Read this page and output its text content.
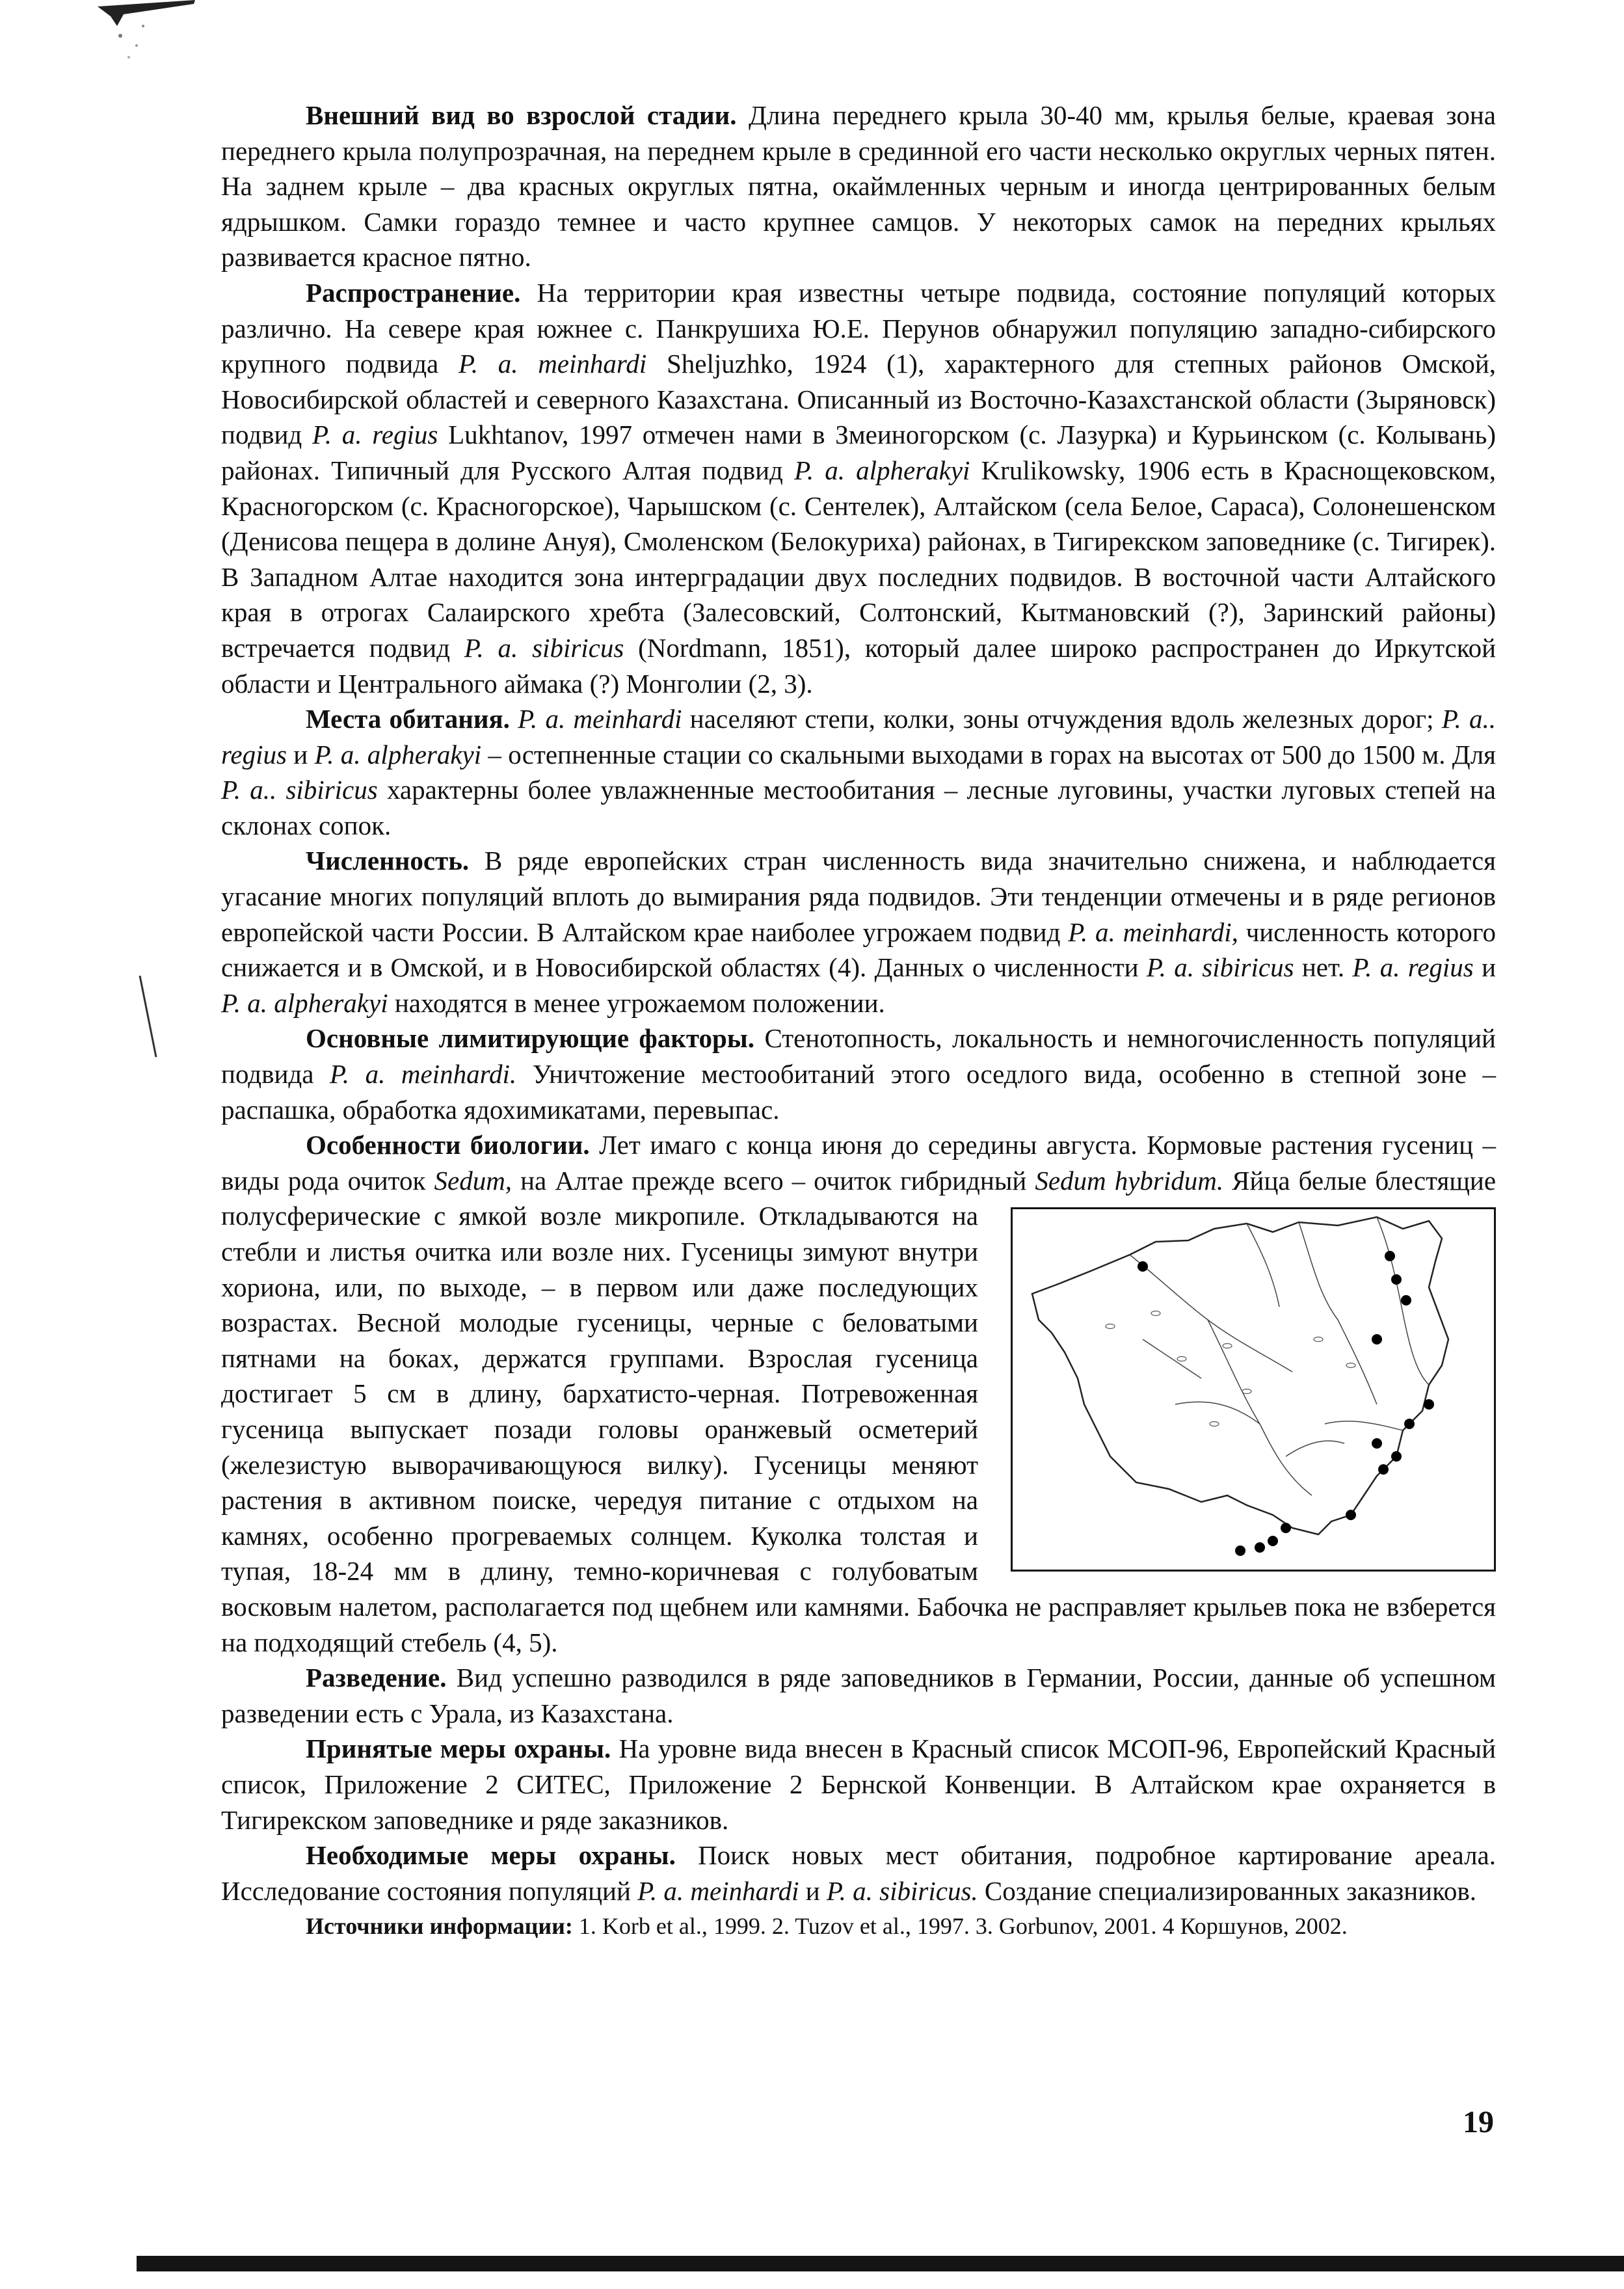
Внешний вид во взрослой стадии. Длина переднего крыла 30-40 мм, крылья белые, краевая зона переднего крыла полупрозрачная, на переднем крыле в срединной его части несколько округлых черных пятен. На заднем крыле – два красных округлых пятна, окаймленных черным и иногда центрированных белым ядрышком. Самки гораздо темнее и часто крупнее самцов. У некоторых самок на передних крыльях развивается красное пятно.

Распространение. На территории края известны четыре подвида, состояние популяций которых различно. На севере края южнее с. Панкрушиха Ю.Е. Перунов обнаружил популяцию западно-сибирского крупного подвида P. a. meinhardi Sheljuzhko, 1924 (1), характерного для степных районов Омской, Новосибирской областей и северного Казахстана. Описанный из Восточно-Казахстанской области (Зыряновск) подвид P. a. regius Lukhtanov, 1997 отмечен нами в Змеиногорском (с. Лазурка) и Курьинском (с. Колывань) районах. Типичный для Русского Алтая подвид P. a. alpherakyi Krulikowsky, 1906 есть в Краснощековском, Красногорском (с. Красногорское), Чарышском (с. Сентелек), Алтайском (села Белое, Сараса), Солонешенском (Денисова пещера в долине Ануя), Смоленском (Белокуриха) районах, в Тигирекском заповеднике (с. Тигирек). В Западном Алтае находится зона интерградации двух последних подвидов. В восточной части Алтайского края в отрогах Салаирского хребта (Залесовский, Солтонский, Кытмановский (?), Заринский районы) встречается подвид P. a. sibiricus (Nordmann, 1851), который далее широко распространен до Иркутской области и Центрального аймака (?) Монголии (2, 3).

Места обитания. P. a. meinhardi населяют степи, колки, зоны отчуждения вдоль железных дорог; P. a.. regius и P. a. alpherakyi – остепненные стации со скальными выходами в горах на высотах от 500 до 1500 м. Для P. a.. sibiricus характерны более увлажненные местообитания – лесные луговины, участки луговых степей на склонах сопок.

Численность. В ряде европейских стран численность вида значительно снижена, и наблюдается угасание многих популяций вплоть до вымирания ряда подвидов. Эти тенденции отмечены и в ряде регионов европейской части России. В Алтайском крае наиболее угрожаем подвид P. a. meinhardi, численность которого снижается и в Омской, и в Новосибирской областях (4). Данных о численности P. a. sibiricus нет. P. a. regius и P. a. alpherakyi находятся в менее угрожаемом положении.

Основные лимитирующие факторы. Стенотопность, локальность и немногочисленность популяций подвида P. a. meinhardi. Уничтожение местообитаний этого оседлого вида, особенно в степной зоне – распашка, обработка ядохимикатами, перевыпас.

Особенности биологии. Лет имаго с конца июня до середины августа. Кормовые растения гусениц – виды рода очиток Sedum, на Алтае прежде всего – очиток гибридный Sedum hybridum. Яйца белые блестящие полусферические с ямкой возле микропиле. Откладываются на стебли и листья очитка или возле них. Гусеницы зимуют внутри хориона, или, по выходе, – в первом или даже последующих возрастах. Весной молодые гусеницы, черные с беловатыми пятнами на боках, держатся группами. Взрослая гусеница достигает 5 см в длину, бархатисто-черная. Потревоженная гусеница выпускает позади головы оранжевый осметерий (железистую выворачивающуюся вилку). Гусеницы меняют растения в активном поиске, чередуя питание с отдыхом на камнях, особенно прогреваемых солнцем. Куколка толстая и тупая, 18-24 мм в длину, темно-коричневая с голубоватым восковым налетом, располагается под щебнем или камнями. Бабочка не расправляет крыльев пока не взберется на подходящий стебель (4, 5).

Разведение. Вид успешно разводился в ряде заповедников в Германии, России, данные об успешном разведении есть с Урала, из Казахстана.

Принятые меры охраны. На уровне вида внесен в Красный список МСОП-96, Европейский Красный список, Приложение 2 СИТЕС, Приложение 2 Бернской Конвенции. В Алтайском крае охраняется в Тигирекском заповеднике и ряде заказников.

Необходимые меры охраны. Поиск новых мест обитания, подробное картирование ареала. Исследование состояния популяций P. a. meinhardi и P. a. sibiricus. Создание специализированных заказников.

Источники информации: 1. Korb et al., 1999. 2. Tuzov et al., 1997. 3. Gorbunov, 2001. 4 Коршунов, 2002.

19
